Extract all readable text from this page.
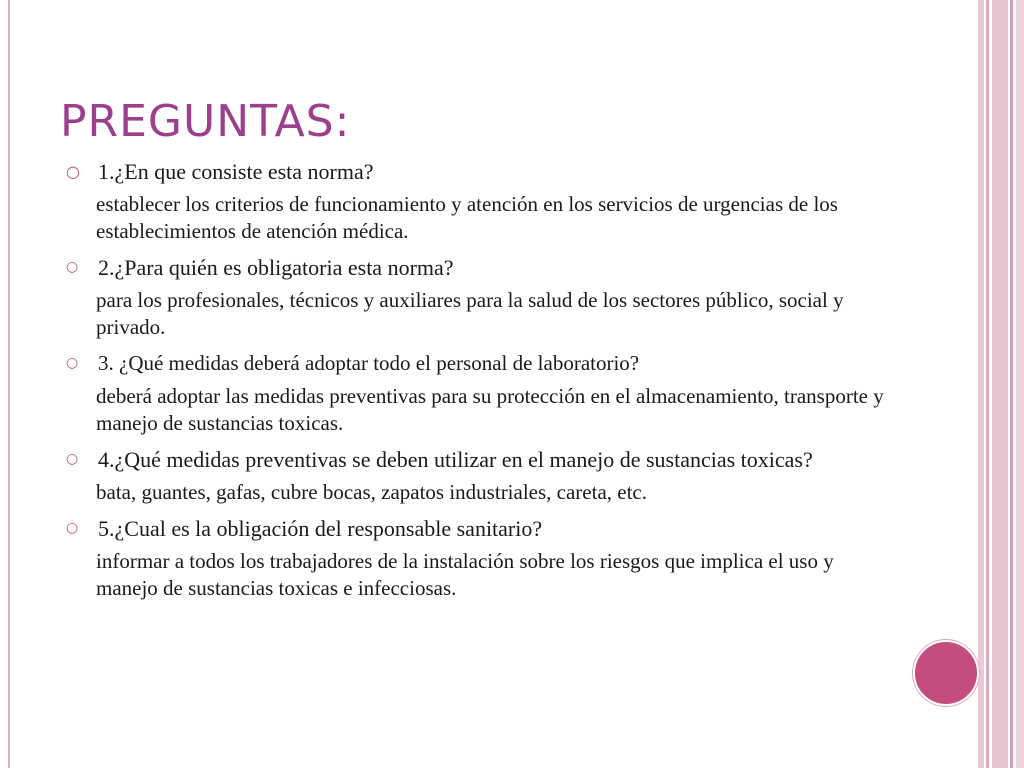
PREGUNTAS:

○ 1.¿En que consiste esta norma?

establecer los criterios de funcionamiento y atención en los servicios de urgencias de los establecimientos de atención médica.

○ 2.¿Para quién es obligatoria esta norma?

para los profesionales, técnicos y auxiliares para la salud de los sectores público, social y privado.

○ 3. ¿Qué medidas deberá adoptar todo el personal de laboratorio?

deberá adoptar las medidas preventivas para su protección en el almacenamiento, transporte y manejo de sustancias toxicas.

○ 4.¿Qué medidas preventivas se deben utilizar en el manejo de sustancias toxicas?

bata, guantes, gafas, cubre bocas, zapatos industriales, careta, etc.

○ 5.¿Cual es la obligación del responsable sanitario?

informar a todos los trabajadores de la instalación sobre los riesgos que implica el uso y manejo de sustancias toxicas e infecciosas.
